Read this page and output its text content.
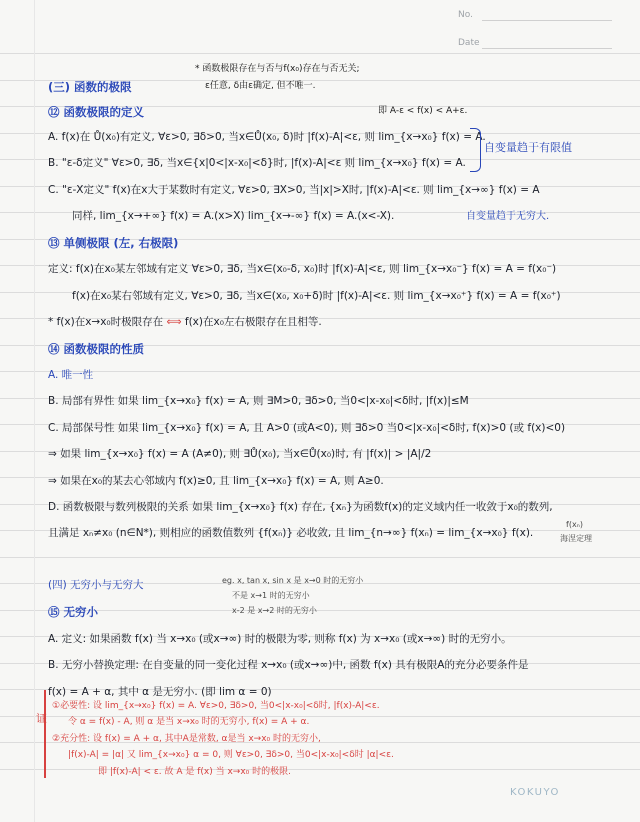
No.
Date
* 函数极限存在与否与f(x₀)存在与否无关;
ε任意, δ由ε确定, 但不唯一.
(三) 函数的极限
⑫ 函数极限的定义	即 A-ε < f(x) < A+ε.
A. f(x)在 Ů(x₀)有定义, ∀ε>0, ∃δ>0, 当x∈Ů(x₀, δ)时 |f(x)-A|<ε, 则 lim_{x→x₀} f(x) = A.
B. "ε-δ定义" ∀ε>0, ∃δ, 当x∈{x|0<|x-x₀|<δ}时, |f(x)-A|<ε 则 lim_{x→x₀} f(x) = A.
自变量趋于有限值
C. "ε-X定义" f(x)在x大于某数时有定义, ∀ε>0, ∃X>0, 当|x|>X时, |f(x)-A|<ε. 则 lim_{x→∞} f(x) = A
同样, lim_{x→+∞} f(x) = A.(x>X) lim_{x→-∞} f(x) = A.(x<-X).	自变量趋于无穷大.
⑬ 单侧极限 (左, 右极限)
定义: f(x)在x₀某左邻域有定义 ∀ε>0, ∃δ, 当x∈(x₀-δ, x₀)时 |f(x)-A|<ε, 则 lim_{x→x₀⁻} f(x) = A = f(x₀⁻)
f(x)在x₀某右邻域有定义, ∀ε>0, ∃δ, 当x∈(x₀, x₀+δ)时 |f(x)-A|<ε. 则 lim_{x→x₀⁺} f(x) = A = f(x₀⁺)
* f(x)在x→x₀时极限存在 ⟺ f(x)在x₀左右极限存在且相等.
⑭ 函数极限的性质
A. 唯一性
B. 局部有界性 如果 lim_{x→x₀} f(x) = A, 则 ∃M>0, ∃δ>0, 当0<|x-x₀|<δ时, |f(x)|≤M
C. 局部保号性 如果 lim_{x→x₀} f(x) = A, 且 A>0 (或A<0), 则 ∃δ>0 当0<|x-x₀|<δ时, f(x)>0 (或 f(x)<0)
⇒ 如果 lim_{x→x₀} f(x) = A (A≠0), 则 ∃Ů(x₀), 当x∈Ů(x₀)时, 有 |f(x)| > |A|/2
⇒ 如果在x₀的某去心邻域内 f(x)≥0, 且 lim_{x→x₀} f(x) = A, 则 A≥0.
D. 函数极限与数列极限的关系 如果 lim_{x→x₀} f(x) 存在, {xₙ}为函数f(x)的定义域内任一收敛于x₀的数列,
且满足 xₙ≠x₀ (n∈N*), 则相应的函数值数列 {f(xₙ)} 必收敛, 且 lim_{n→∞} f(xₙ) = lim_{x→x₀} f(x).
f(xₙ)
海涅定理
(四) 无穷小与无穷大	eg. x, tan x, sin x 是 x→0 时的无穷小
不是 x→1 时的无穷小
x-2 是 x→2 时的无穷小
⑮ 无穷小
A. 定义: 如果函数 f(x) 当 x→x₀ (或x→∞) 时的极限为零, 则称 f(x) 为 x→x₀ (或x→∞) 时的无穷小。
B. 无穷小替换定理: 在自变量的同一变化过程 x→x₀ (或x→∞)中, 函数 f(x) 具有极限A的充分必要条件是
f(x) = A + α, 其中 α 是无穷小. (即 lim α = 0)
证
①必要性: 设 lim_{x→x₀} f(x) = A. ∀ε>0, ∃δ>0, 当0<|x-x₀|<δ时, |f(x)-A|<ε.
令 α = f(x) - A, 则 α 是当 x→x₀ 时的无穷小, f(x) = A + α.
②充分性: 设 f(x) = A + α, 其中A是常数, α是当 x→x₀ 时的无穷小,
|f(x)-A| = |α| 又 lim_{x→x₀} α = 0, 则 ∀ε>0, ∃δ>0, 当0<|x-x₀|<δ时 |α|<ε.
即 |f(x)-A| < ε. 故 A 是 f(x) 当 x→x₀ 时的极限.
KOKUYO
